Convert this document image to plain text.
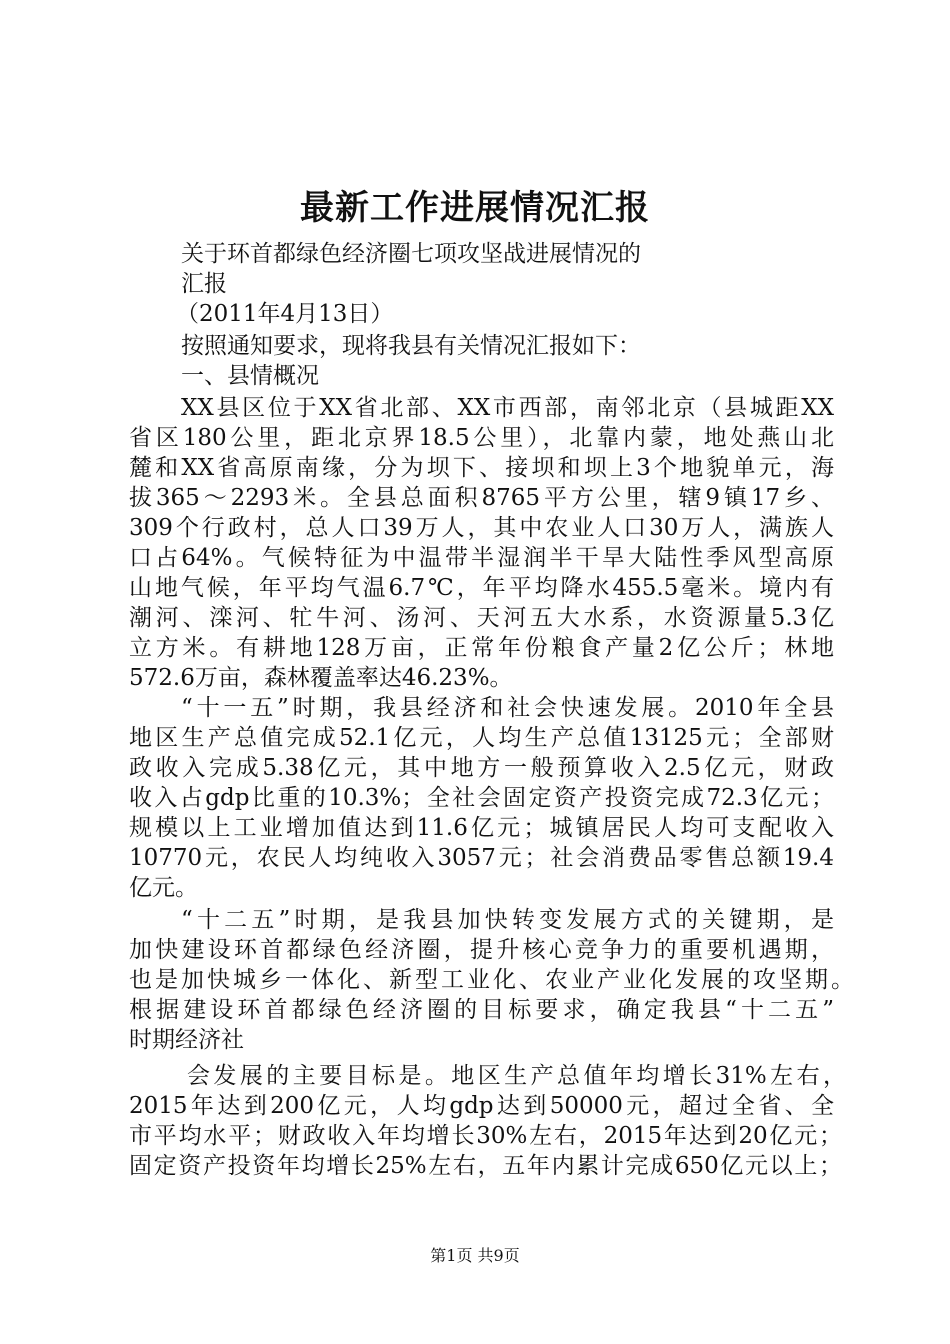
最新工作进展情况汇报
关于环首都绿色经济圈七项攻坚战进展情况的
汇报
（2011年4月13日）
按照通知要求，现将我县有关情况汇报如下：
一、县情概况
XX县区位于XX省北部、XX市西部，南邻北京（县城距XX
省区180公里，距北京界18.5公里），北靠内蒙，地处燕山北
麓和XX省高原南缘，分为坝下、接坝和坝上3个地貌单元，海
拔365～2293米。全县总面积8765平方公里，辖9镇17乡、
309个行政村，总人口39万人，其中农业人口30万人，满族人
口占64%。气候特征为中温带半湿润半干旱大陆性季风型高原
山地气候，年平均气温6.7℃，年平均降水455.5毫米。境内有
潮河、滦河、牤牛河、汤河、天河五大水系，水资源量5.3亿
立方米。有耕地128万亩，正常年份粮食产量2亿公斤；林地
572.6万亩，森林覆盖率达46.23%。
“十一五”时期，我县经济和社会快速发展。2010年全县
地区生产总值完成52.1亿元，人均生产总值13125元；全部财
政收入完成5.38亿元，其中地方一般预算收入2.5亿元，财政
收入占gdp比重的10.3%；全社会固定资产投资完成72.3亿元；
规模以上工业增加值达到11.6亿元；城镇居民人均可支配收入
10770元，农民人均纯收入3057元；社会消费品零售总额19.4
亿元。
“十二五”时期，是我县加快转变发展方式的关键期，是
加快建设环首都绿色经济圈，提升核心竞争力的重要机遇期，
也是加快城乡一体化、新型工业化、农业产业化发展的攻坚期。
根据建设环首都绿色经济圈的目标要求，确定我县“十二五”
时期经济社
会发展的主要目标是。地区生产总值年均增长31%左右，
2015年达到200亿元，人均gdp达到50000元，超过全省、全
市平均水平；财政收入年均增长30%左右，2015年达到20亿元；
固定资产投资年均增长25%左右，五年内累计完成650亿元以上；
第1页 共9页
